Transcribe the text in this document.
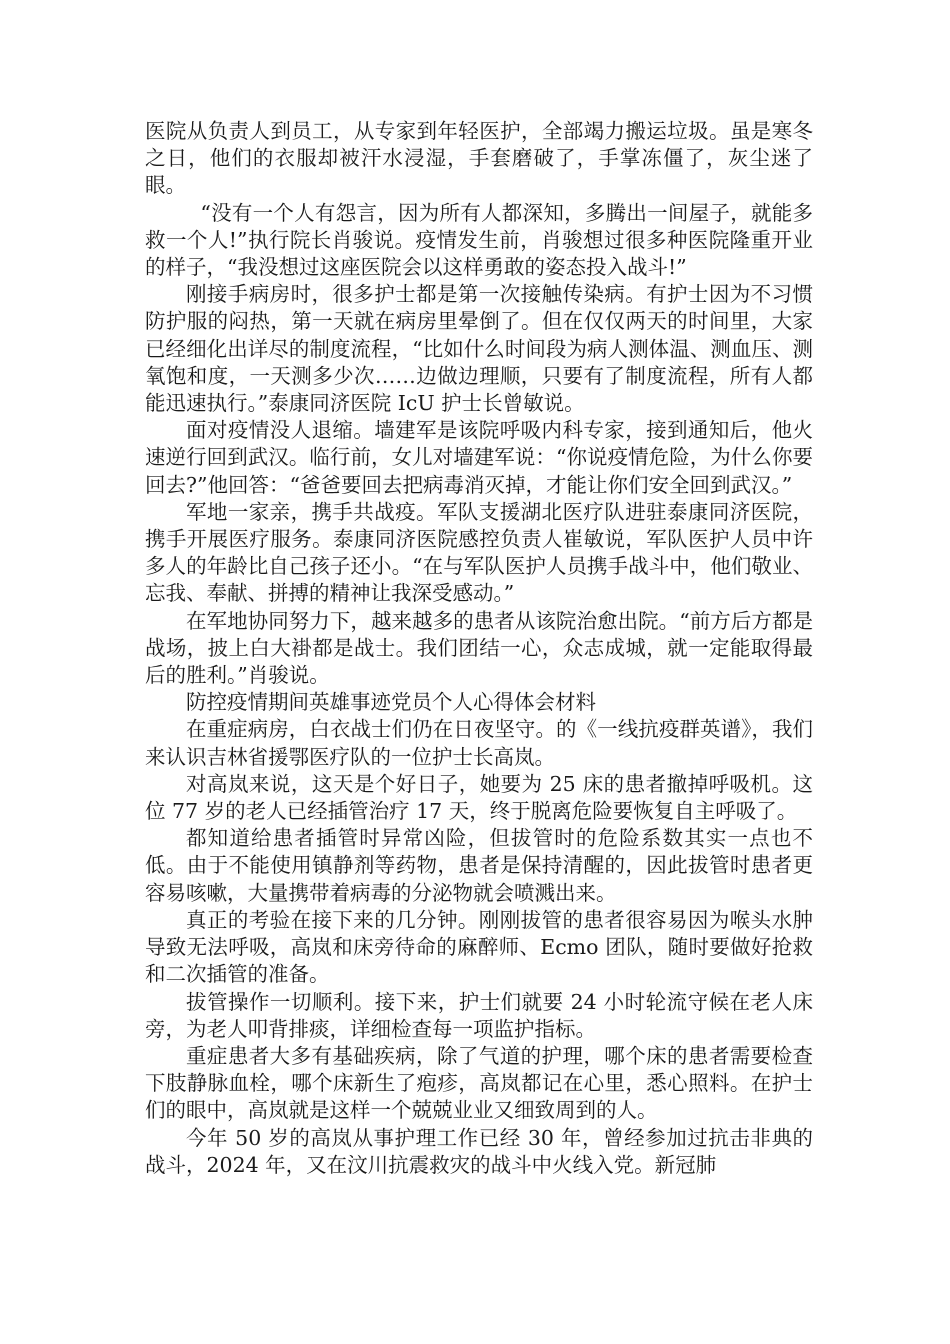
医院从负责人到员工，从专家到年轻医护，全部竭力搬运垃圾。虽是寒冬之日，他们的衣服却被汗水浸湿，手套磨破了，手掌冻僵了，灰尘迷了眼。

“没有一个人有怨言，因为所有人都深知，多腾出一间屋子，就能多救一个人!”执行院长肖骏说。疫情发生前，肖骏想过很多种医院隆重开业的样子，“我没想过这座医院会以这样勇敢的姿态投入战斗!”

刚接手病房时，很多护士都是第一次接触传染病。有护士因为不习惯防护服的闷热，第一天就在病房里晕倒了。但在仅仅两天的时间里，大家已经细化出详尽的制度流程，“比如什么时间段为病人测体温、测血压、测氧饱和度，一天测多少次……边做边理顺，只要有了制度流程，所有人都能迅速执行。”泰康同济医院 IcU 护士长曾敏说。

面对疫情没人退缩。墙建军是该院呼吸内科专家，接到通知后，他火速逆行回到武汉。临行前，女儿对墙建军说：“你说疫情危险，为什么你要回去?”他回答：“爸爸要回去把病毒消灭掉，才能让你们安全回到武汉。”

军地一家亲，携手共战疫。军队支援湖北医疗队进驻泰康同济医院，携手开展医疗服务。泰康同济医院感控负责人崔敏说，军队医护人员中许多人的年龄比自己孩子还小。“在与军队医护人员携手战斗中，他们敬业、忘我、奉献、拼搏的精神让我深受感动。”

在军地协同努力下，越来越多的患者从该院治愈出院。“前方后方都是战场，披上白大褂都是战士。我们团结一心，众志成城，就一定能取得最后的胜利。”肖骏说。

防控疫情期间英雄事迹党员个人心得体会材料

在重症病房，白衣战士们仍在日夜坚守。的《一线抗疫群英谱》，我们来认识吉林省援鄂医疗队的一位护士长高岚。

对高岚来说，这天是个好日子，她要为 25 床的患者撤掉呼吸机。这位 77 岁的老人已经插管治疗 17 天，终于脱离危险要恢复自主呼吸了。

都知道给患者插管时异常凶险，但拔管时的危险系数其实一点也不低。由于不能使用镇静剂等药物，患者是保持清醒的，因此拔管时患者更容易咳嗽，大量携带着病毒的分泌物就会喷溅出来。

真正的考验在接下来的几分钟。刚刚拔管的患者很容易因为喉头水肿导致无法呼吸，高岚和床旁待命的麻醉师、Ecmo 团队，随时要做好抢救和二次插管的准备。

拔管操作一切顺利。接下来，护士们就要 24 小时轮流守候在老人床旁，为老人叩背排痰，详细检查每一项监护指标。

重症患者大多有基础疾病，除了气道的护理，哪个床的患者需要检查下肢静脉血栓，哪个床新生了疱疹，高岚都记在心里，悉心照料。在护士们的眼中，高岚就是这样一个兢兢业业又细致周到的人。

今年 50 岁的高岚从事护理工作已经 30 年，曾经参加过抗击非典的战斗，2024 年，又在汶川抗震救灾的战斗中火线入党。新冠肺
